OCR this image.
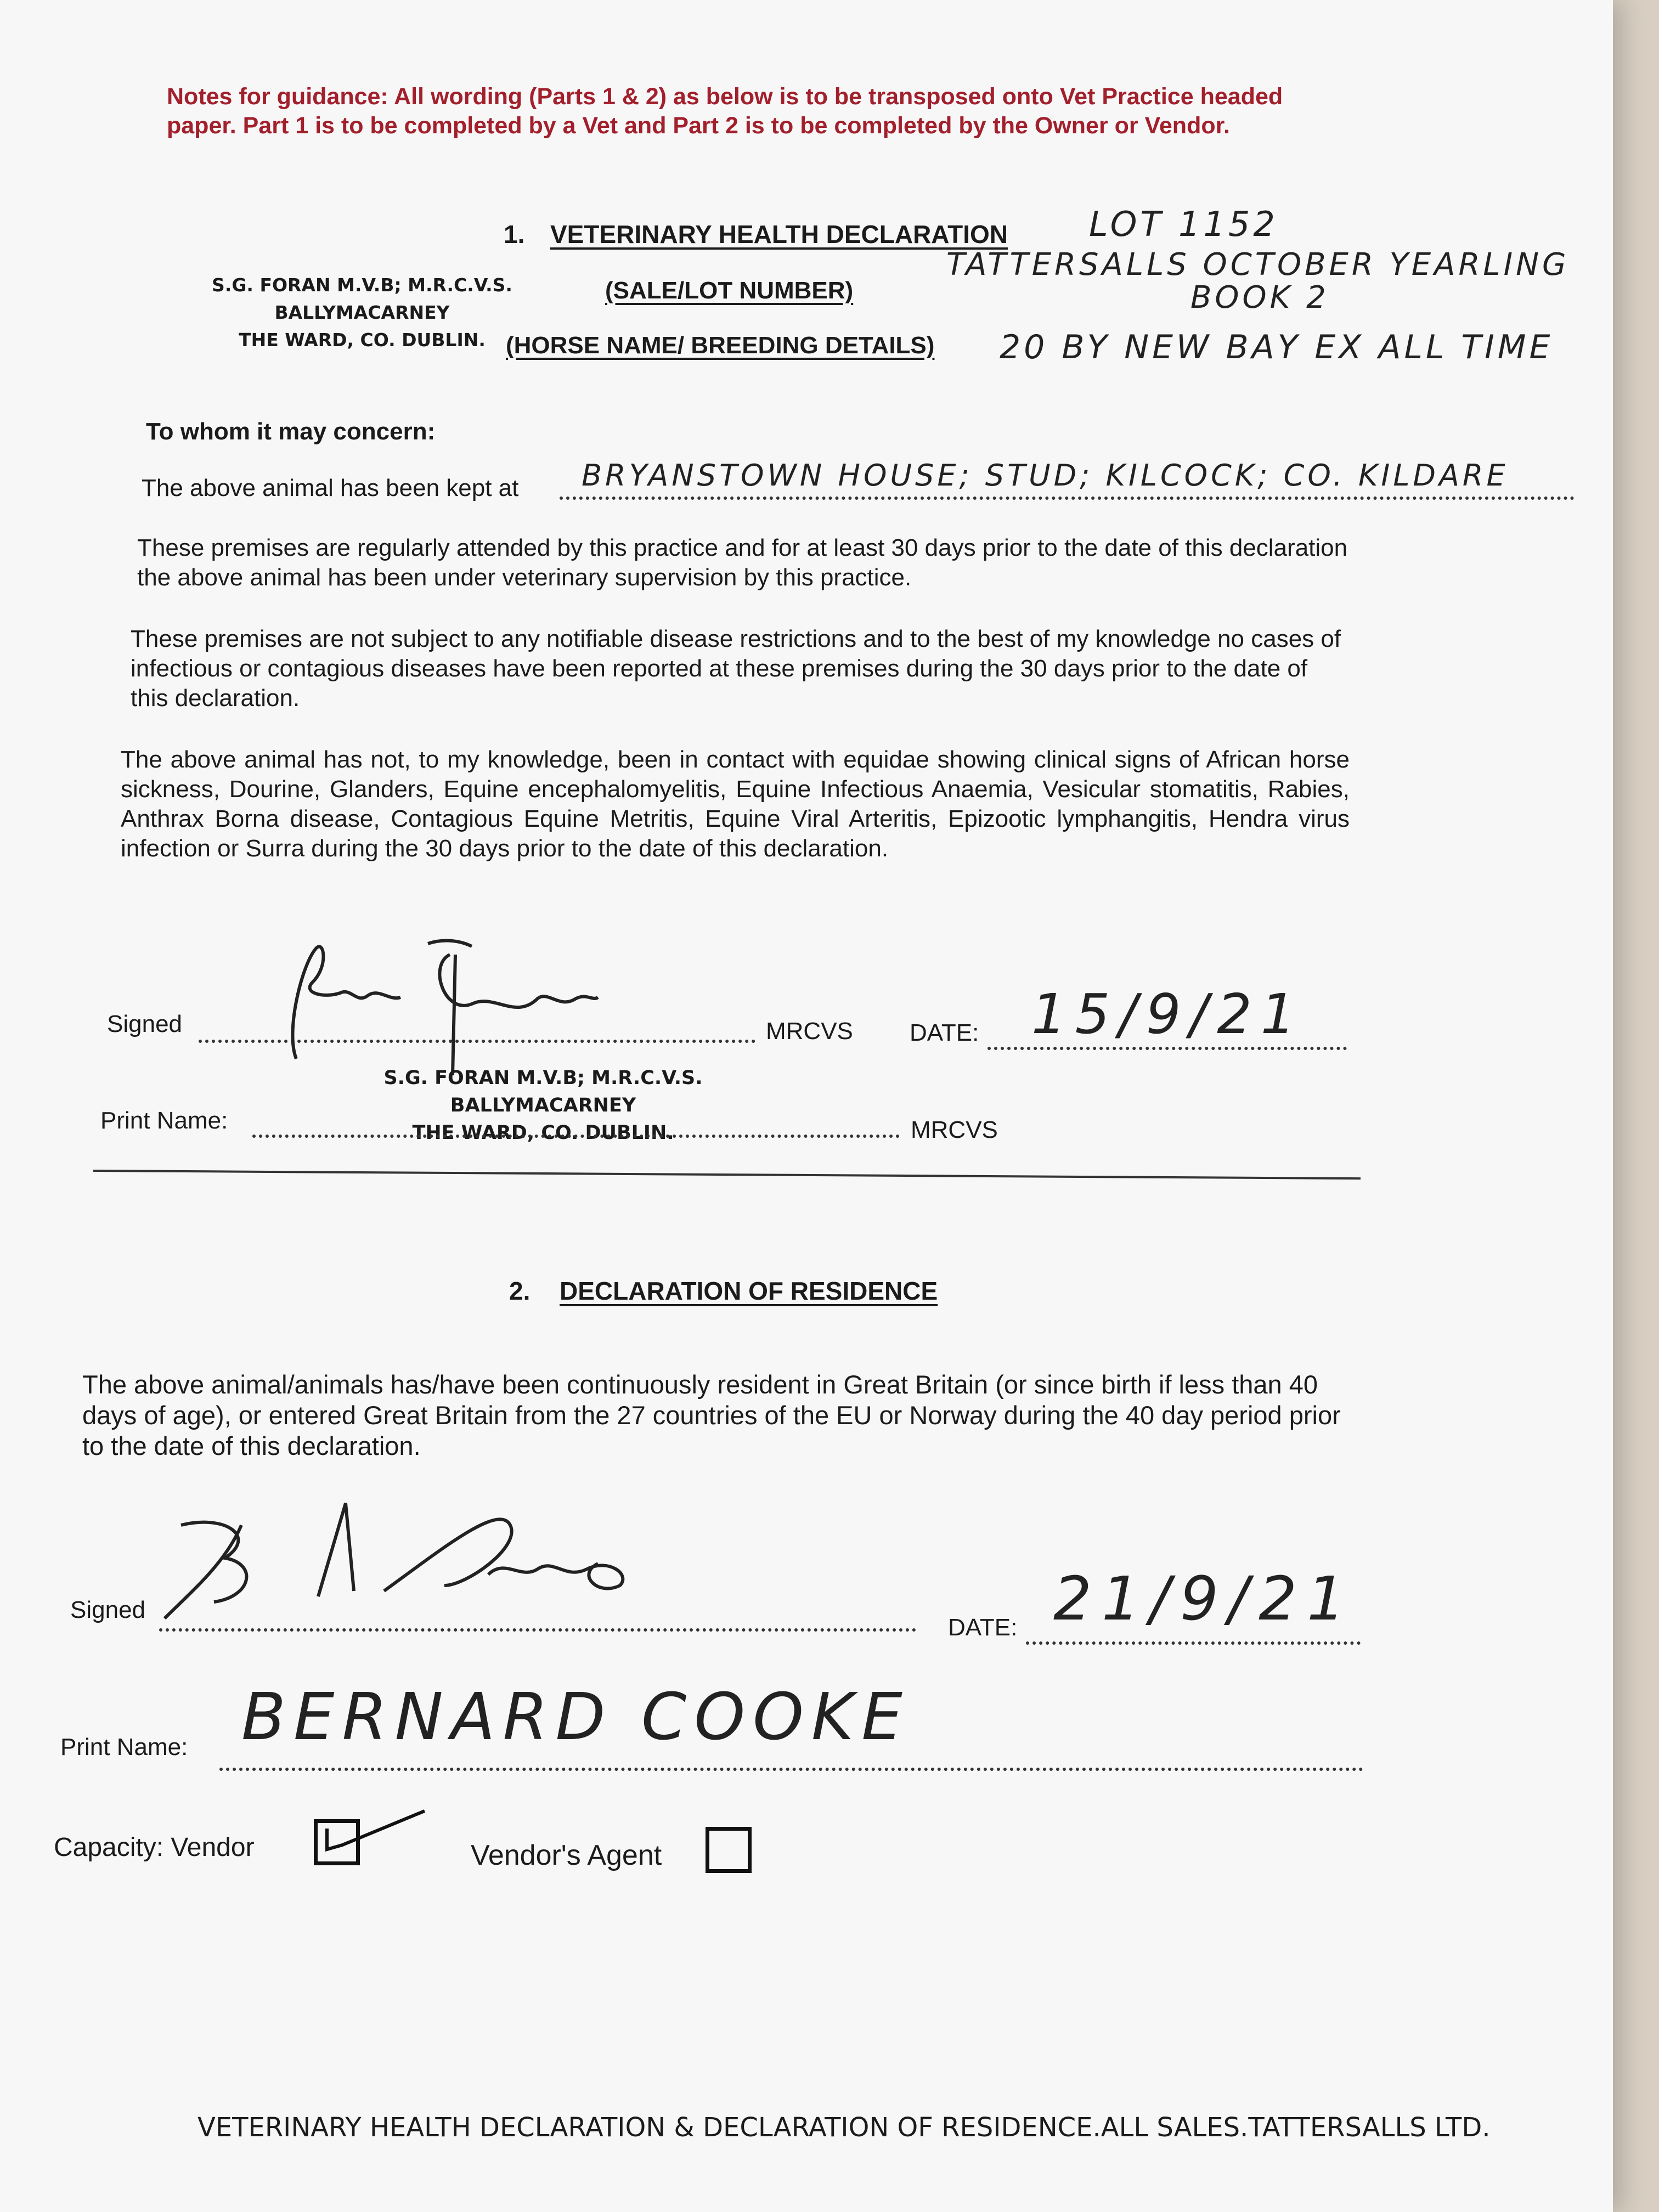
Notes for guidance: All wording (Parts 1 & 2) as below is to be transposed onto Vet Practice headed paper. Part 1 is to be completed by a Vet and Part 2 is to be completed by the Owner or Vendor.
1. VETERINARY HEALTH DECLARATION LOT 1152
S.G. FORAN M.V.B; M.R.C.V.S.
BALLYMACARNEY
THE WARD, CO. DUBLIN.
(SALE/LOT NUMBER)
TATTERSALLS OCTOBER YEARLING
BOOK 2
(HORSE NAME/ BREEDING DETAILS) 20 BY NEW BAY EX ALL TIME
To whom it may concern:
The above animal has been kept at BRYANSTOWN HOUSE; STUD; KILCOCK; CO. KILDARE
These premises are regularly attended by this practice and for at least 30 days prior to the date of this declaration the above animal has been under veterinary supervision by this practice.
These premises are not subject to any notifiable disease restrictions and to the best of my knowledge no cases of infectious or contagious diseases have been reported at these premises during the 30 days prior to the date of this declaration.
The above animal has not, to my knowledge, been in contact with equidae showing clinical signs of African horse sickness, Dourine, Glanders, Equine encephalomyelitis, Equine Infectious Anaemia, Vesicular stomatitis, Rabies, Anthrax Borna disease, Contagious Equine Metritis, Equine Viral Arteritis, Epizootic lymphangitis, Hendra virus infection or Surra during the 30 days prior to the date of this declaration.
Signed	MRCVS DATE: 15/9/21
S.G. FORAN M.V.B; M.R.C.V.S.
BALLYMACARNEY
THE WARD, CO. DUBLIN.
Print Name:	MRCVS
2. DECLARATION OF RESIDENCE
The above animal/animals has/have been continuously resident in Great Britain (or since birth if less than 40 days of age), or entered Great Britain from the 27 countries of the EU or Norway during the 40 day period prior to the date of this declaration.
Signed
DATE: 21/9/21
Print Name: BERNARD COOKE
Capacity: Vendor	Vendor's Agent
VETERINARY HEALTH DECLARATION & DECLARATION OF RESIDENCE.ALL SALES.TATTERSALLS LTD.
